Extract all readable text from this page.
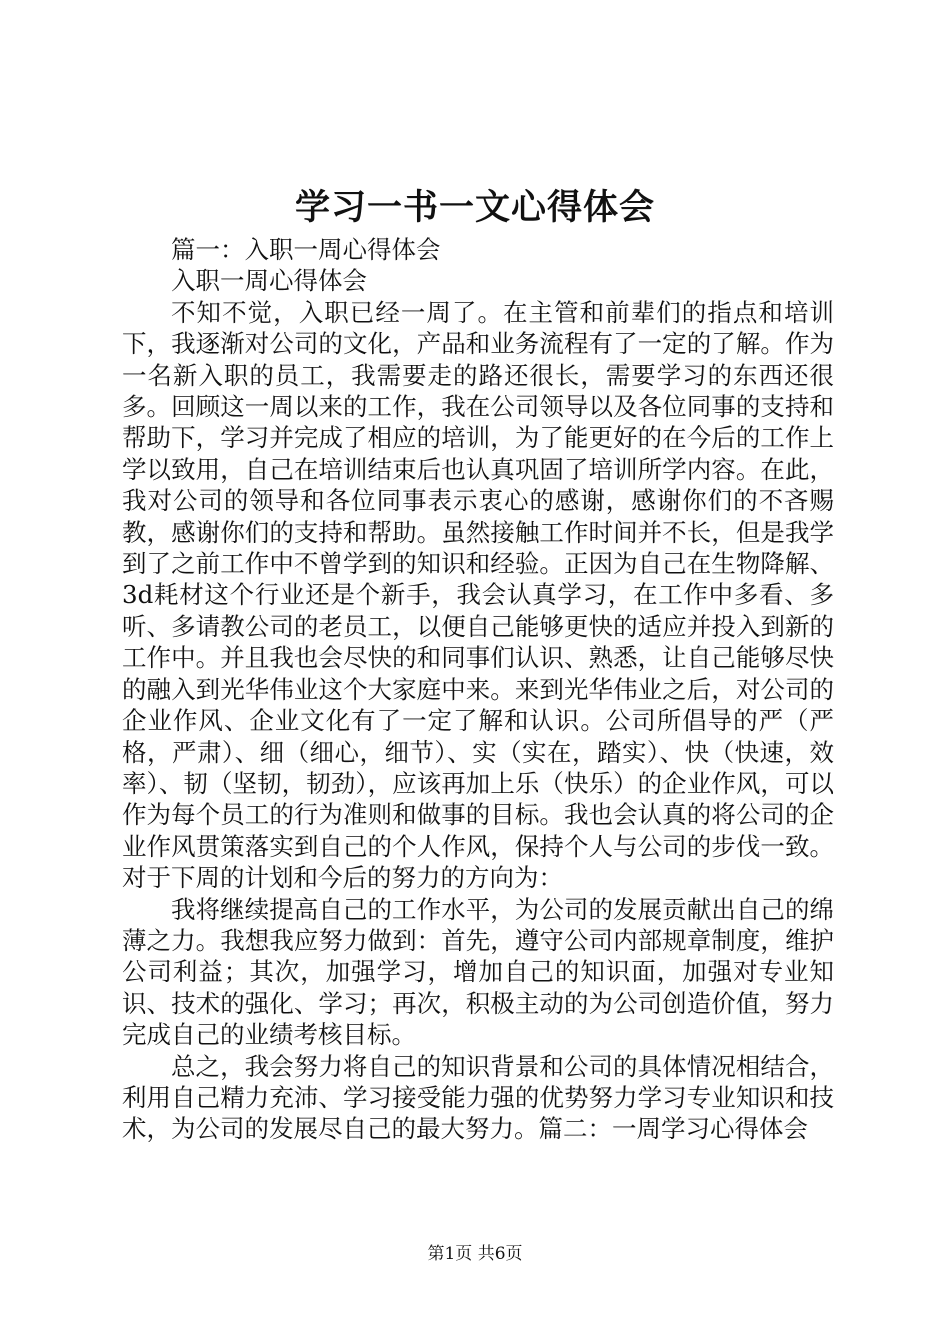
学习一书一文心得体会

篇一：入职一周心得体会

入职一周心得体会

不知不觉，入职已经一周了。在主管和前辈们的指点和培训下，我逐渐对公司的文化，产品和业务流程有了一定的了解。作为一名新入职的员工，我需要走的路还很长，需要学习的东西还很多。回顾这一周以来的工作，我在公司领导以及各位同事的支持和帮助下，学习并完成了相应的培训，为了能更好的在今后的工作上学以致用，自己在培训结束后也认真巩固了培训所学内容。在此，我对公司的领导和各位同事表示衷心的感谢，感谢你们的不吝赐教，感谢你们的支持和帮助。虽然接触工作时间并不长，但是我学到了之前工作中不曾学到的知识和经验。正因为自己在生物降解、3d耗材这个行业还是个新手，我会认真学习，在工作中多看、多听、多请教公司的老员工，以便自己能够更快的适应并投入到新的工作中。并且我也会尽快的和同事们认识、熟悉，让自己能够尽快的融入到光华伟业这个大家庭中来。来到光华伟业之后，对公司的企业作风、企业文化有了一定了解和认识。公司所倡导的严（严格，严肃）、细（细心，细节）、实（实在，踏实）、快（快速，效率）、韧（坚韧，韧劲），应该再加上乐（快乐）的企业作风，可以作为每个员工的行为准则和做事的目标。我也会认真的将公司的企业作风贯策落实到自己的个人作风，保持个人与公司的步伐一致。对于下周的计划和今后的努力的方向为：

我将继续提高自己的工作水平，为公司的发展贡献出自己的绵薄之力。我想我应努力做到：首先，遵守公司内部规章制度，维护公司利益；其次，加强学习，增加自己的知识面，加强对专业知识、技术的强化、学习；再次，积极主动的为公司创造价值，努力完成自己的业绩考核目标。

总之，我会努力将自己的知识背景和公司的具体情况相结合，利用自己精力充沛、学习接受能力强的优势努力学习专业知识和技术，为公司的发展尽自己的最大努力。篇二：一周学习心得体会

第1页 共6页
